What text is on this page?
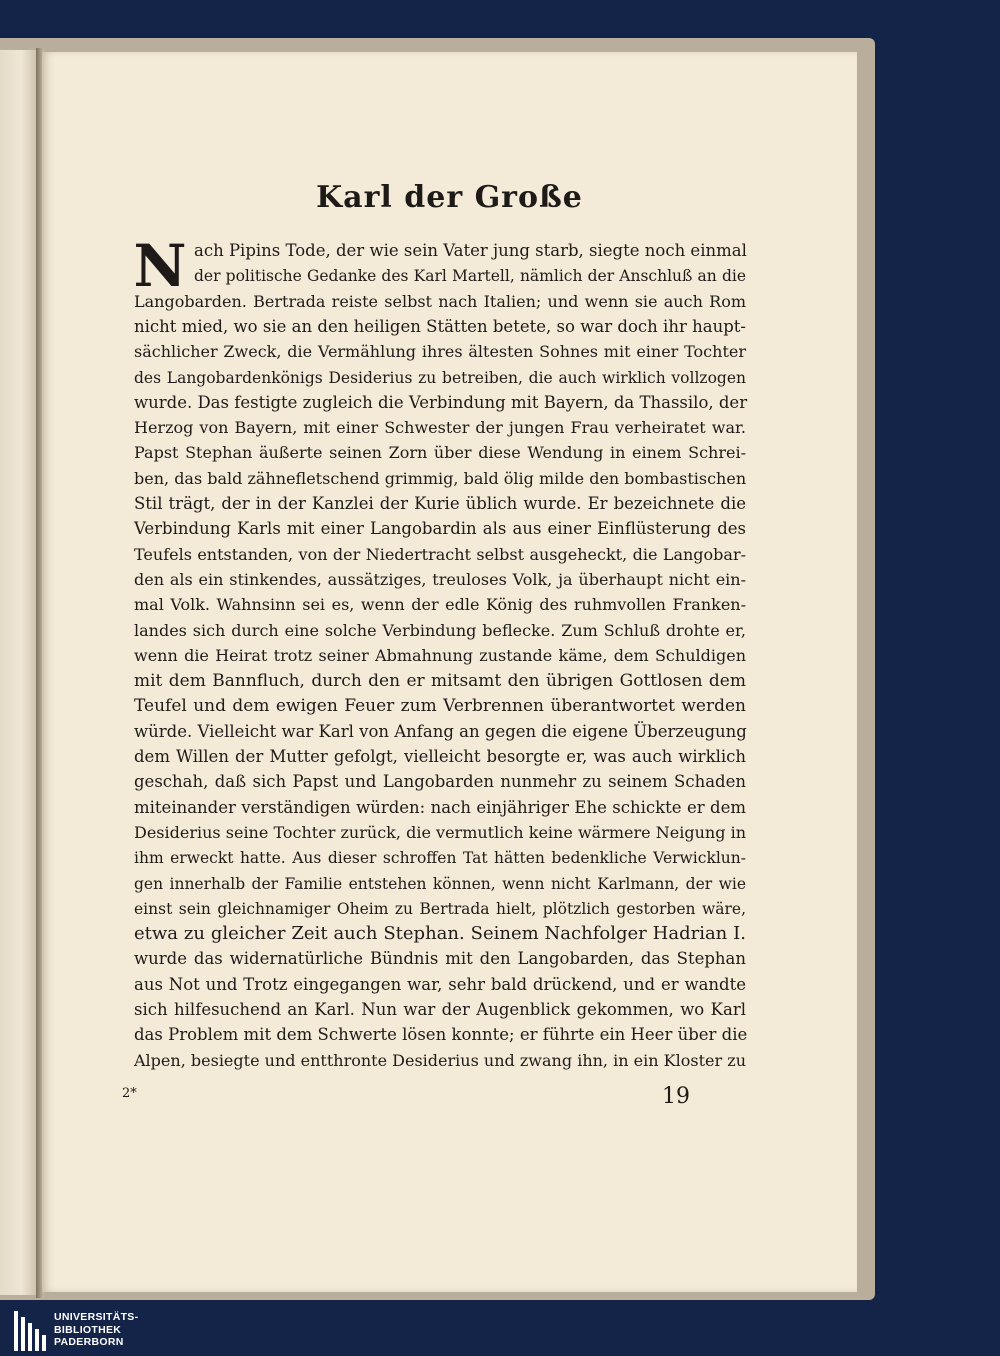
Karl der Große
N ach Pipins Tode, der wie sein Vater jung starb, siegte noch einmal
der politische Gedanke des Karl Martell, nämlich der Anschluß an die
Langobarden. Bertrada reiste selbst nach Italien; und wenn sie auch Rom
nicht mied, wo sie an den heiligen Stätten betete, so war doch ihr haupt-
sächlicher Zweck, die Vermählung ihres ältesten Sohnes mit einer Tochter
des Langobardenkönigs Desiderius zu betreiben, die auch wirklich vollzogen
wurde. Das festigte zugleich die Verbindung mit Bayern, da Thassilo, der
Herzog von Bayern, mit einer Schwester der jungen Frau verheiratet war.
Papst Stephan äußerte seinen Zorn über diese Wendung in einem Schrei-
ben, das bald zähnefletschend grimmig, bald ölig milde den bombastischen
Stil trägt, der in der Kanzlei der Kurie üblich wurde. Er bezeichnete die
Verbindung Karls mit einer Langobardin als aus einer Einflüsterung des
Teufels entstanden, von der Niedertracht selbst ausgeheckt, die Langobar-
den als ein stinkendes, aussätziges, treuloses Volk, ja überhaupt nicht ein-
mal Volk. Wahnsinn sei es, wenn der edle König des ruhmvollen Franken-
landes sich durch eine solche Verbindung beflecke. Zum Schluß drohte er,
wenn die Heirat trotz seiner Abmahnung zustande käme, dem Schuldigen
mit dem Bannfluch, durch den er mitsamt den übrigen Gottlosen dem
Teufel und dem ewigen Feuer zum Verbrennen überantwortet werden
würde. Vielleicht war Karl von Anfang an gegen die eigene Überzeugung
dem Willen der Mutter gefolgt, vielleicht besorgte er, was auch wirklich
geschah, daß sich Papst und Langobarden nunmehr zu seinem Schaden
miteinander verständigen würden: nach einjähriger Ehe schickte er dem
Desiderius seine Tochter zurück, die vermutlich keine wärmere Neigung in
ihm erweckt hatte. Aus dieser schroffen Tat hätten bedenkliche Verwicklun-
gen innerhalb der Familie entstehen können, wenn nicht Karlmann, der wie
einst sein gleichnamiger Oheim zu Bertrada hielt, plötzlich gestorben wäre,
etwa zu gleicher Zeit auch Stephan. Seinem Nachfolger Hadrian I.
wurde das widernatürliche Bündnis mit den Langobarden, das Stephan
aus Not und Trotz eingegangen war, sehr bald drückend, und er wandte
sich hilfesuchend an Karl. Nun war der Augenblick gekommen, wo Karl
das Problem mit dem Schwerte lösen konnte; er führte ein Heer über die
Alpen, besiegte und entthronte Desiderius und zwang ihn, in ein Kloster zu
2*	19
UNIVERSITÄTS-
BIBLIOTHEK
PADERBORN
